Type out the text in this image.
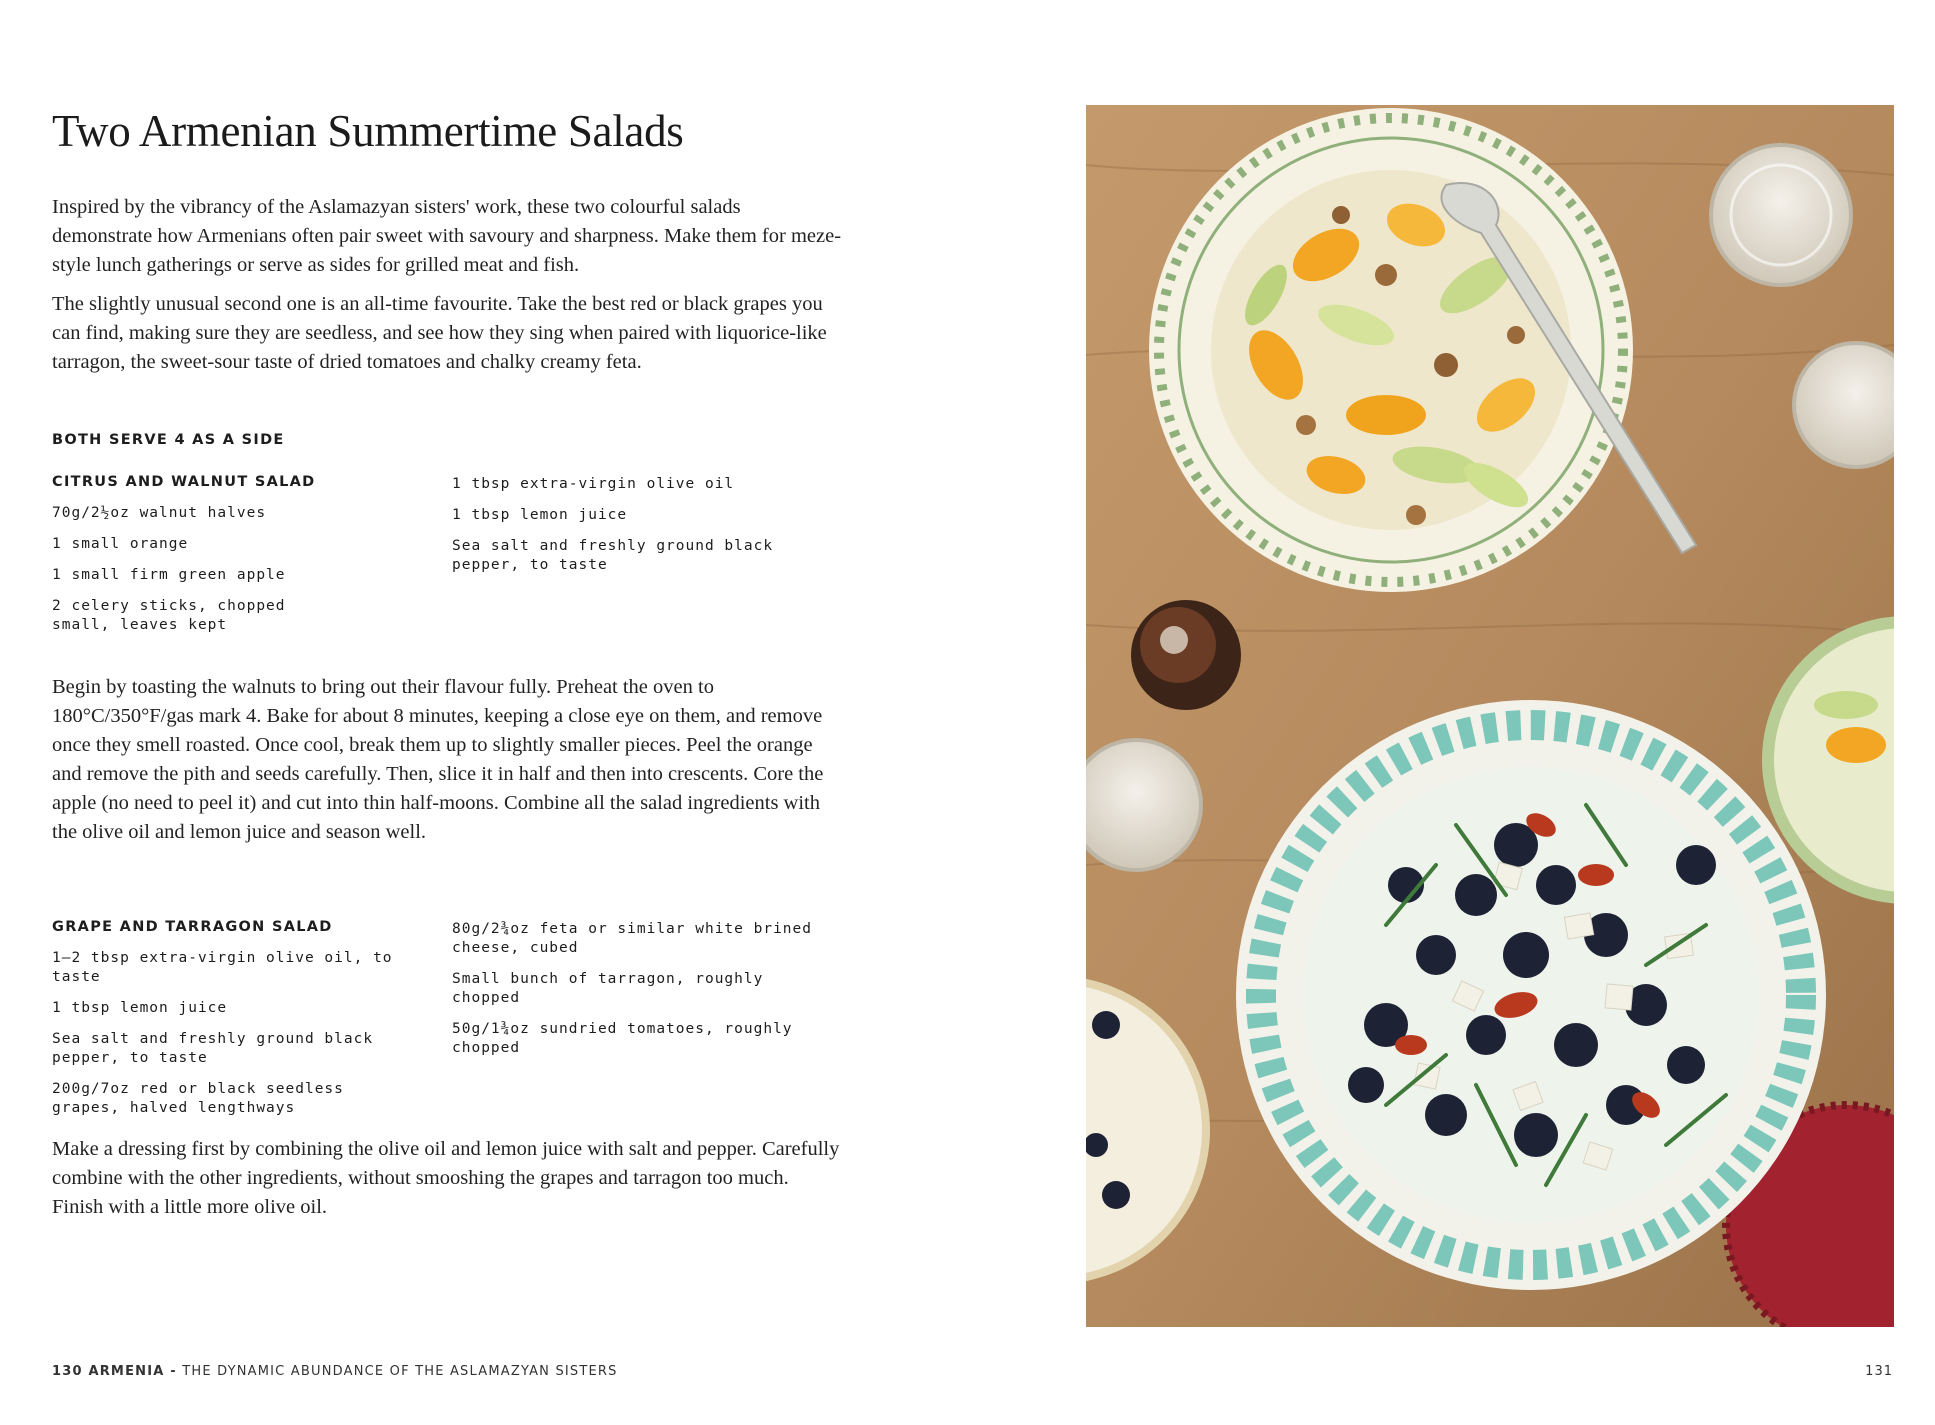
Two Armenian Summertime Salads

Inspired by the vibrancy of the Aslamazyan sisters' work, these two colourful salads demonstrate how Armenians often pair sweet with savoury and sharpness. Make them for meze-style lunch gatherings or serve as sides for grilled meat and fish.

The slightly unusual second one is an all-time favourite. Take the best red or black grapes you can find, making sure they are seedless, and see how they sing when paired with liquorice-like tarragon, the sweet-sour taste of dried tomatoes and chalky creamy feta.

BOTH SERVE 4 AS A SIDE

CITRUS AND WALNUT SALAD

70g/2½oz walnut halves

1 small orange

1 small firm green apple

2 celery sticks, chopped small, leaves kept

1 tbsp extra-virgin olive oil

1 tbsp lemon juice

Sea salt and freshly ground black pepper, to taste

Begin by toasting the walnuts to bring out their flavour fully. Preheat the oven to 180°C/350°F/gas mark 4. Bake for about 8 minutes, keeping a close eye on them, and remove once they smell roasted. Once cool, break them up to slightly smaller pieces. Peel the orange and remove the pith and seeds carefully. Then, slice it in half and then into crescents. Core the apple (no need to peel it) and cut into thin half-moons. Combine all the salad ingredients with the olive oil and lemon juice and season well.

GRAPE AND TARRAGON SALAD

1–2 tbsp extra-virgin olive oil, to taste

1 tbsp lemon juice

Sea salt and freshly ground black pepper, to taste

200g/7oz red or black seedless grapes, halved lengthways

80g/2¾oz feta or similar white brined cheese, cubed

Small bunch of tarragon, roughly chopped

50g/1¾oz sundried tomatoes, roughly chopped

Make a dressing first by combining the olive oil and lemon juice with salt and pepper. Carefully combine with the other ingredients, without smooshing the grapes and tarragon too much. Finish with a little more olive oil.

130 ARMENIA - THE DYNAMIC ABUNDANCE OF THE ASLAMAZYAN SISTERS	131
